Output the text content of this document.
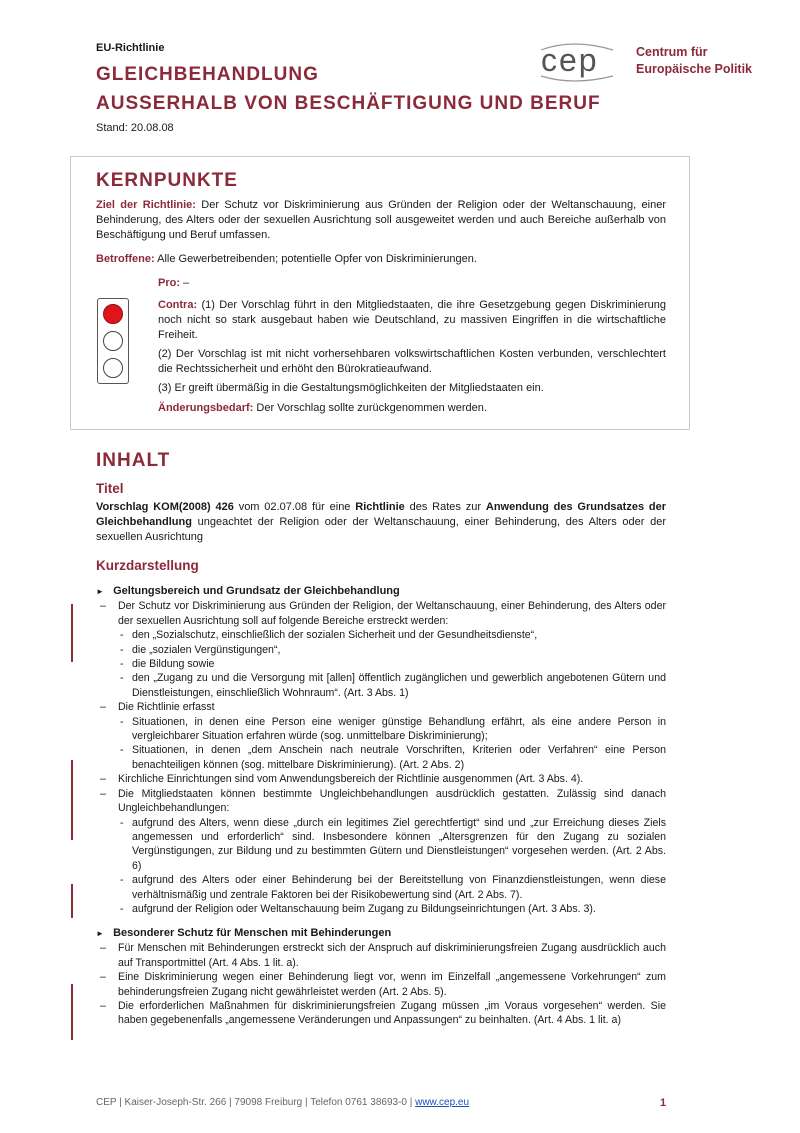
EU-Richtlinie
GLEICHBEHANDLUNG
AUSSERHALB VON BESCHÄFTIGUNG UND BERUF
Stand: 20.08.08
cep	Centrum für
Europäische Politik
KERNPUNKTE
Ziel der Richtlinie: Der Schutz vor Diskriminierung aus Gründen der Religion oder der Weltanschauung, einer Behinderung, des Alters oder der sexuellen Ausrichtung soll ausgeweitet werden und auch Bereiche außerhalb von Beschäftigung und Beruf umfassen.
Betroffene: Alle Gewerbetreibenden; potentielle Opfer von Diskriminierungen.
Pro: –
Contra: (1) Der Vorschlag führt in den Mitgliedstaaten, die ihre Gesetzgebung gegen Diskriminierung noch nicht so stark ausgebaut haben wie Deutschland, zu massiven Eingriffen in die wirtschaftliche Freiheit.
(2) Der Vorschlag ist mit nicht vorhersehbaren volkswirtschaftlichen Kosten verbunden, verschlechtert die Rechtssicherheit und erhöht den Bürokratieaufwand.
(3) Er greift übermäßig in die Gestaltungsmöglichkeiten der Mitgliedstaaten ein.
Änderungsbedarf: Der Vorschlag sollte zurückgenommen werden.
INHALT
Titel
Vorschlag KOM(2008) 426 vom 02.07.08 für eine Richtlinie des Rates zur Anwendung des Grundsatzes der Gleichbehandlung ungeachtet der Religion oder der Weltanschauung, einer Behinderung, des Alters oder der sexuellen Ausrichtung
Kurzdarstellung
► Geltungsbereich und Grundsatz der Gleichbehandlung
– Der Schutz vor Diskriminierung aus Gründen der Religion, der Weltanschauung, einer Behinderung, des Alters oder der sexuellen Ausrichtung soll auf folgende Bereiche erstreckt werden:
- den „Sozialschutz, einschließlich der sozialen Sicherheit und der Gesundheitsdienste“,
- die „sozialen Vergünstigungen“,
- die Bildung sowie
- den „Zugang zu und die Versorgung mit [allen] öffentlich zugänglichen und gewerblich angebotenen Gütern und Dienstleistungen, einschließlich Wohnraum“. (Art. 3 Abs. 1)
– Die Richtlinie erfasst
- Situationen, in denen eine Person eine weniger günstige Behandlung erfährt, als eine andere Person in vergleichbarer Situation erfahren würde (sog. unmittelbare Diskriminierung);
- Situationen, in denen „dem Anschein nach neutrale Vorschriften, Kriterien oder Verfahren“ eine Person benachteiligen können (sog. mittelbare Diskriminierung). (Art. 2 Abs. 2)
– Kirchliche Einrichtungen sind vom Anwendungsbereich der Richtlinie ausgenommen (Art. 3 Abs. 4).
– Die Mitgliedstaaten können bestimmte Ungleichbehandlungen ausdrücklich gestatten. Zulässig sind danach Ungleichbehandlungen:
- aufgrund des Alters, wenn diese „durch ein legitimes Ziel gerechtfertigt“ sind und „zur Erreichung dieses Ziels angemessen und erforderlich“ sind. Insbesondere können „Altersgrenzen für den Zugang zu sozialen Vergünstigungen, zur Bildung und zu bestimmten Gütern und Dienstleistungen“ vorgesehen werden. (Art. 2 Abs. 6)
- aufgrund des Alters oder einer Behinderung bei der Bereitstellung von Finanzdienstleistungen, wenn diese verhältnismäßig und zentrale Faktoren bei der Risikobewertung sind (Art. 2 Abs. 7).
- aufgrund der Religion oder Weltanschauung beim Zugang zu Bildungseinrichtungen (Art. 3 Abs. 3).
► Besonderer Schutz für Menschen mit Behinderungen
– Für Menschen mit Behinderungen erstreckt sich der Anspruch auf diskriminierungsfreien Zugang ausdrücklich auch auf Transportmittel (Art. 4 Abs. 1 lit. a).
– Eine Diskriminierung wegen einer Behinderung liegt vor, wenn im Einzelfall „angemessene Vorkehrungen“ zum behinderungsfreien Zugang nicht gewährleistet werden (Art. 2 Abs. 5).
– Die erforderlichen Maßnahmen für diskriminierungsfreien Zugang müssen „im Voraus vorgesehen“ werden. Sie haben gegebenenfalls „angemessene Veränderungen und Anpassungen“ zu beinhalten. (Art. 4 Abs. 1 lit. a)
CEP | Kaiser-Joseph-Str. 266 | 79098 Freiburg | Telefon 0761 38693-0 | www.cep.eu	1
